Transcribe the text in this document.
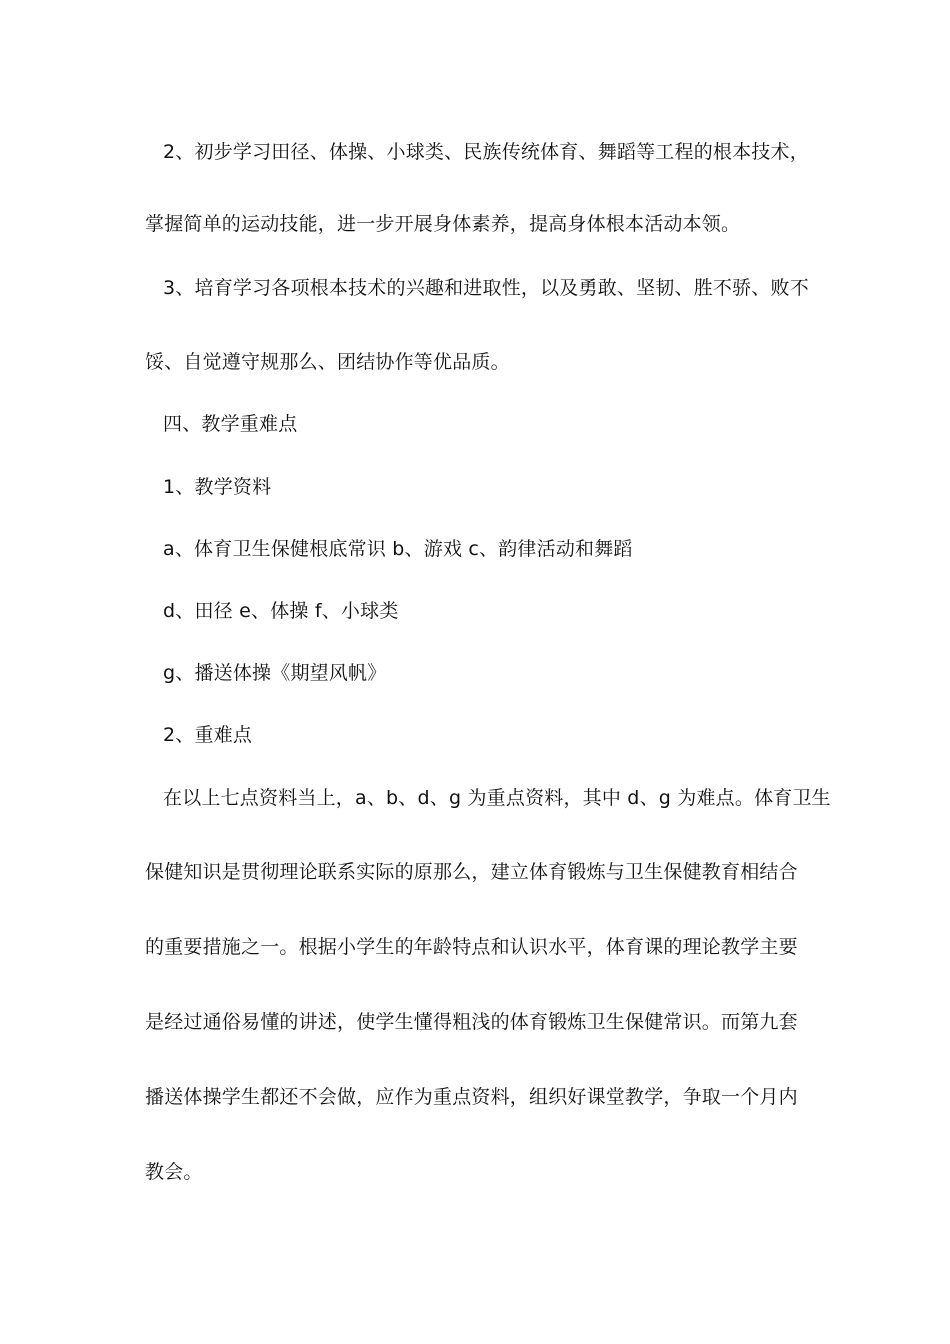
2、初步学习田径、体操、小球类、民族传统体育、舞蹈等工程的根本技术，
掌握简单的运动技能，进一步开展身体素养，提高身体根本活动本领。
3、培育学习各项根本技术的兴趣和进取性，以及勇敢、坚韧、胜不骄、败不
馁、自觉遵守规那么、团结协作等优品质。
四、教学重难点
1、教学资料
a、体育卫生保健根底常识 b、游戏 c、韵律活动和舞蹈
d、田径 e、体操 f、小球类
g、播送体操《期望风帆》
2、重难点
在以上七点资料当上，a、b、d、g 为重点资料，其中 d、g 为难点。体育卫生
保健知识是贯彻理论联系实际的原那么，建立体育锻炼与卫生保健教育相结合
的重要措施之一。根据小学生的年龄特点和认识水平，体育课的理论教学主要
是经过通俗易懂的讲述，使学生懂得粗浅的体育锻炼卫生保健常识。而第九套
播送体操学生都还不会做，应作为重点资料，组织好课堂教学，争取一个月内
教会。
